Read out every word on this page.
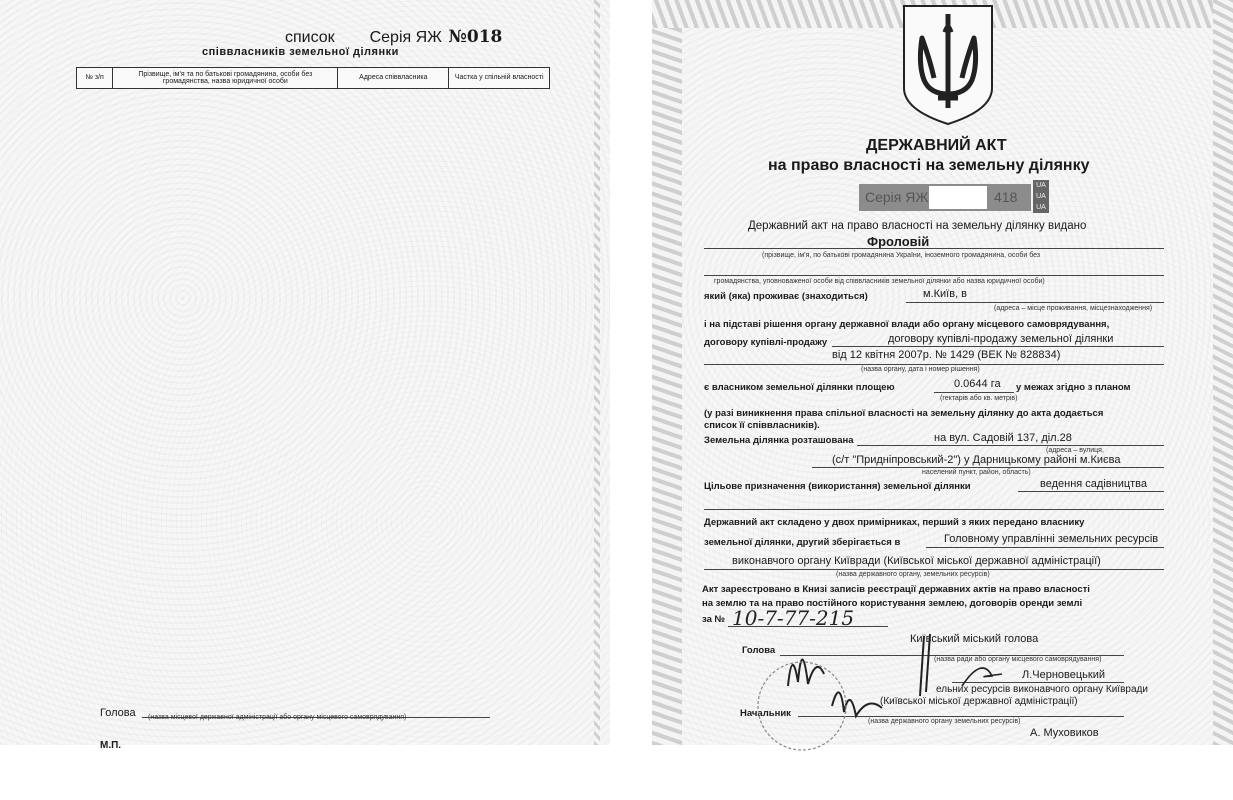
список Серія ЯЖ №018
співвласників земельної ділянки
№ з/п	Прізвище, ім'я та по батькові громадянина, особи без громадянства, назва юридичної особи	Адреса співвласника	Частка у спільній власності
Голова (назва місцевої державної адміністрації або органу місцевого самоврядування)
М.П.
ДЕРЖАВНИЙ АКТ
на право власності на земельну ділянку
Серія ЯЖ	418
UA
UA
UA
Державний акт на право власності на земельну ділянку видано
Фроловій
(прізвище, ім'я, по батькові громадянина України, іноземного громадянина, особи без
громадянства, уповноваженої особи від співвласників земельної ділянки або назва юридичної особи)
який (яка) проживає (знаходиться)	м.Київ, в
(адреса – місце проживання, місцезнаходження)
і на підставі рішення органу державної влади або органу місцевого самоврядування,
договору купівлі-продажу	договору купівлі-продажу земельної ділянки
від 12 квітня 2007р. № 1429 (ВЕК № 828834)
(назва органу, дата і номер рішення)
є власником земельної ділянки площею	0.0644 га у межах згідно з планом
(гектарів або кв. метрів)
(у разі виникнення права спільної власності на земельну ділянку до акта додається
список її співвласників).
Земельна ділянка розташована	на вул. Садовій 137, діл.28
(адреса – вулиця,
(с/т "Придніпровський-2") у Дарницькому районі м.Києва
населений пункт, район, область)
Цільове призначення (використання) земельної ділянки	ведення садівництва
Державний акт складено у двох примірниках, перший з яких передано власнику
земельної ділянки, другий зберігається в	Головному управлінні земельних ресурсів
виконавчого органу Київради (Київської міської державної адміністрації)
(назва державного органу, земельних ресурсів)
Акт зареєстровано в Книзі записів реєстрації державних актів на право власності
на землю та на право постійного користування землею, договорів оренди землі
за № 10-7-77-215
Київський міський голова
Голова
(назва ради або органу місцевого самоврядування)
Л.Черновецький
ельних ресурсів виконавчого органу Київради
(Київської міської державної адміністрації)
Начальник
(назва державного органу земельних ресурсів)
А. Муховиков
